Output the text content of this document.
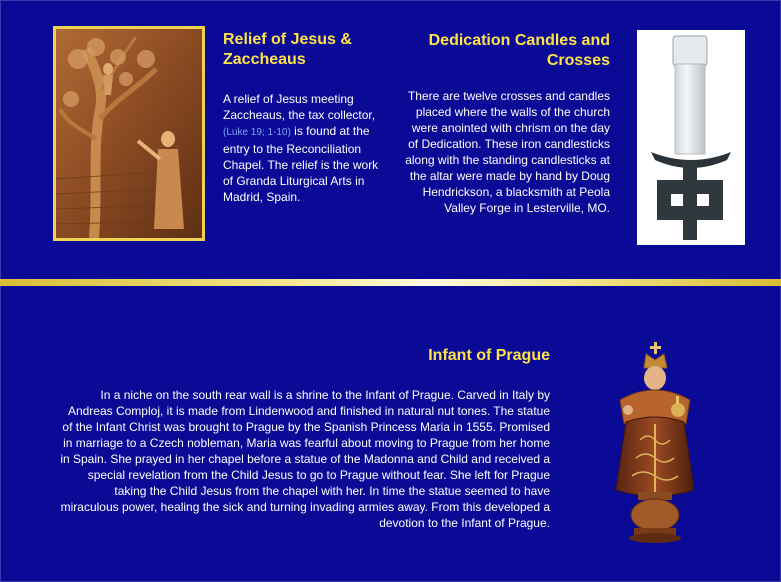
Relief of Jesus & Zaccheaus
A relief of Jesus meeting Zaccheaus, the tax collector, (Luke 19; 1-10) is found at the entry to the Reconciliation Chapel. The relief is the work of Granda Liturgical Arts in Madrid, Spain.
Dedication Candles and Crosses
There are twelve crosses and candles placed where the walls of the church were anointed with chrism on the day of Dedication. These iron candlesticks along with the standing candlesticks at the altar were made by hand by Doug Hendrickson, a blacksmith at Peola Valley Forge in Lesterville, MO.
Infant of Prague
In a niche on the south rear wall is a shrine to the Infant of Prague. Carved in Italy by Andreas Comploj, it is made from Lindenwood and finished in natural nut tones. The statue of the Infant Christ was brought to Prague by the Spanish Princess Maria in 1555. Promised in marriage to a Czech nobleman, Maria was fearful about moving to Prague from her home in Spain. She prayed in her chapel before a statue of the Madonna and Child and received a special revelation from the Child Jesus to go to Prague without fear. She left for Prague taking the Child Jesus from the chapel with her. In time the statue seemed to have miraculous power, healing the sick and turning invading armies away. From this developed a devotion to the Infant of Prague.
